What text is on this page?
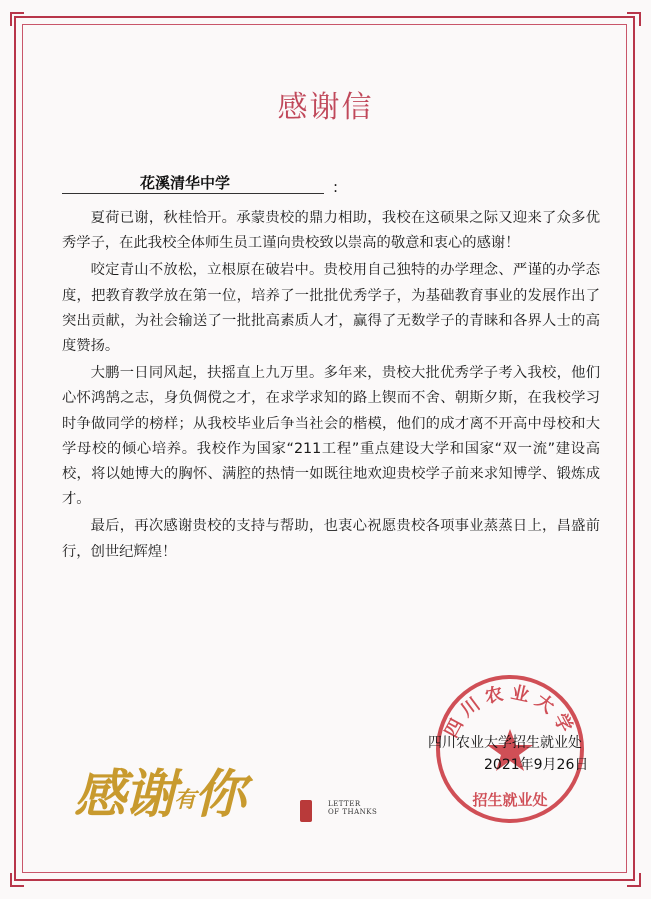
感谢信
花溪清华中学	:

夏荷已谢，秋桂恰开。承蒙贵校的鼎力相助，我校在这硕果之际又迎来了众多优秀学子，在此我校全体师生员工谨向贵校致以崇高的敬意和衷心的感谢！

咬定青山不放松，立根原在破岩中。贵校用自己独特的办学理念、严谨的办学态度，把教育教学放在第一位，培养了一批批优秀学子，为基础教育事业的发展作出了突出贡献，为社会输送了一批批高素质人才，赢得了无数学子的青睐和各界人士的高度赞扬。

大鹏一日同风起，扶摇直上九万里。多年来，贵校大批优秀学子考入我校，他们心怀鸿鹄之志，身负倜傥之才，在求学求知的路上锲而不舍、朝斯夕斯，在我校学习时争做同学的榜样；从我校毕业后争当社会的楷模，他们的成才离不开高中母校和大学母校的倾心培养。我校作为国家“211工程”重点建设大学和国家“双一流”建设高校，将以她博大的胸怀、满腔的热情一如既往地欢迎贵校学子前来求知博学、锻炼成才。

最后，再次感谢贵校的支持与帮助，也衷心祝愿贵校各项事业蒸蒸日上，昌盛前行，创世纪辉煌！

四川农业大学
招生就业处
四川农业大学招生就业处
2021年9月26日
感谢有你	LETTER
OF THANKS
